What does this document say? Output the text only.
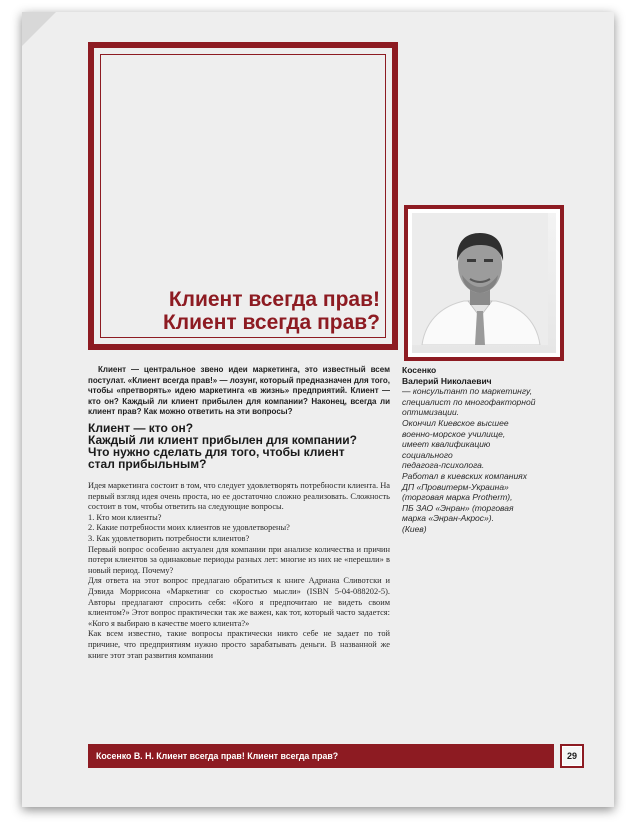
Клиент всегда прав!
Клиент всегда прав?
Косенко
Валерий Николаевич
— консультант по маркетингу,
специалист по многофакторной
оптимизации.
Окончил Киевское высшее
военно-морское училище,
имеет квалификацию
социального
педагога-психолога.
Работал в киевских компаниях
ДП «Провитерм-Украина»
(торговая марка Protherm),
ПБ ЗАО «Энран» (торговая
марка «Энран-Акрос»).
(Киев)
Клиент — центральное звено идеи маркетинга, это известный всем постулат. «Клиент всегда прав!» — лозунг, который предназначен для того, чтобы «претворять» идею маркетинга «в жизнь» предприятий. Клиент — кто он? Каждый ли клиент прибылен для компании? Наконец, всегда ли клиент прав? Как можно ответить на эти вопросы?
Клиент — кто он?
Каждый ли клиент прибылен для компании?
Что нужно сделать для того, чтобы клиент
стал прибыльным?

Идея маркетинга состоит в том, что следует удовлетворять потребности клиента. На первый взгляд идея очень проста, но ее достаточно сложно реализовать. Сложность состоит в том, чтобы ответить на следующие вопросы.

1. Кто мои клиенты?

2. Какие потребности моих клиентов не удовлетворены?

3. Как удовлетворить потребности клиентов?

Первый вопрос особенно актуален для компании при анализе количества и причин потери клиентов за одинаковые периоды разных лет: многие из них не «перешли» в новый период. Почему?

Для ответа на этот вопрос предлагаю обратиться к книге Адриана Сливотски и Дэвида Моррисона «Маркетинг со скоростью мысли» (ISBN 5-04-088202-5). Авторы предлагают спросить себя: «Кого я предпочитаю не видеть своим клиентом?» Этот вопрос практически так же важен, как тот, который часто задается: «Кого я выбираю в качестве моего клиента?»

Как всем известно, такие вопросы практически никто себе не задает по той причине, что предприятиям нужно просто зарабатывать деньги. В названной же книге этот этап развития компании

Косенко В. Н. Клиент всегда прав! Клиент всегда прав?	29
